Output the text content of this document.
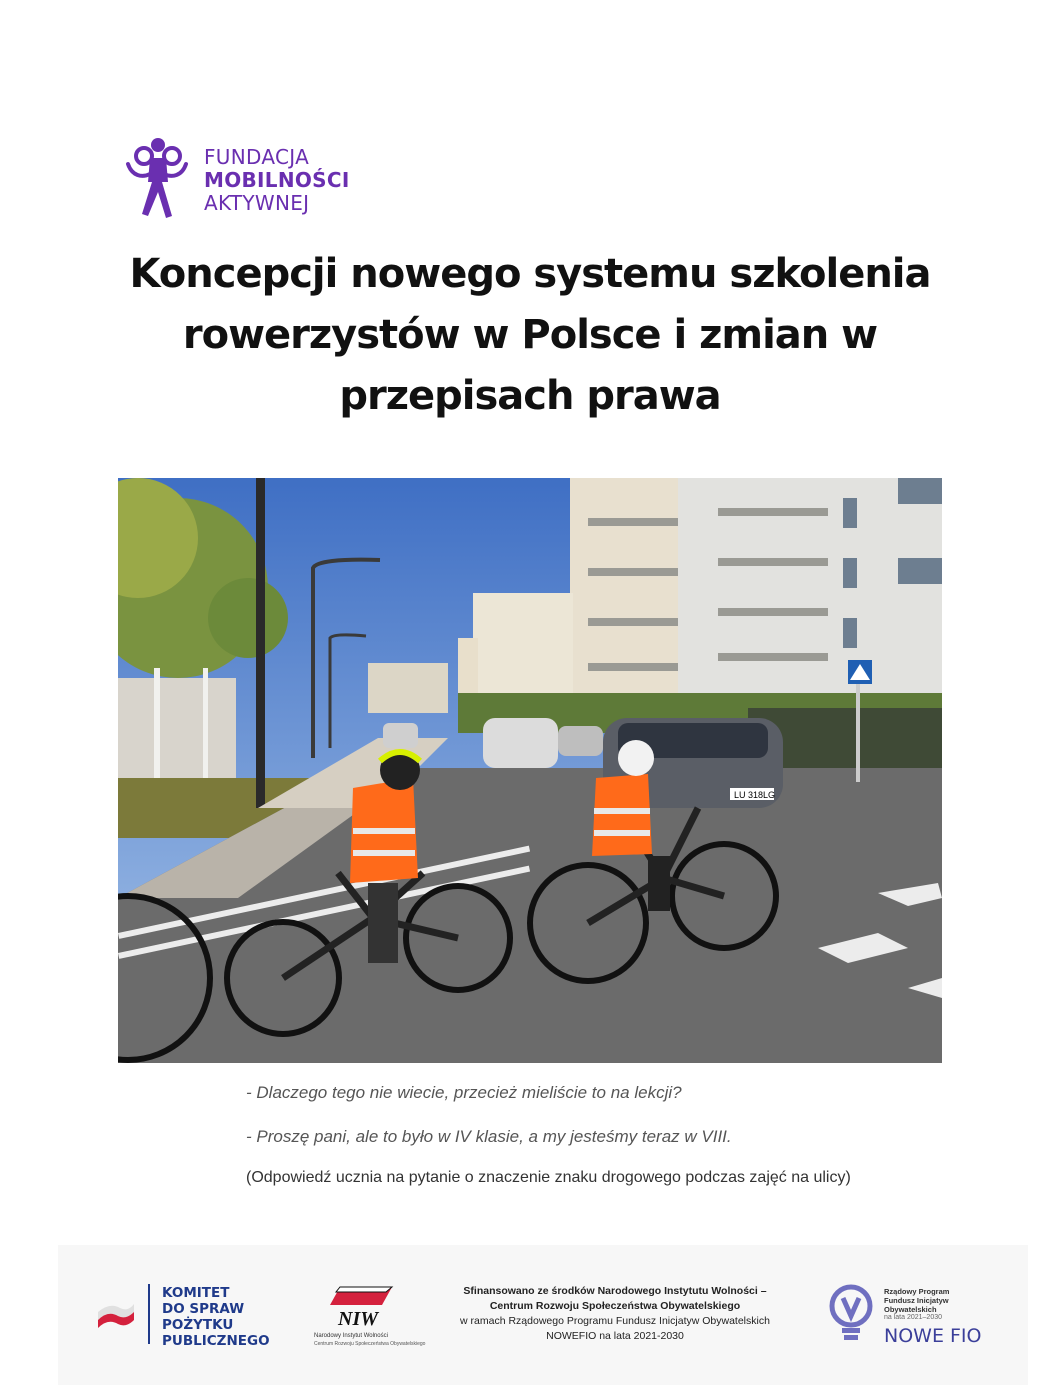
FUNDACJA
MOBILNOŚCI
AKTYWNEJ
Koncepcji nowego systemu szkolenia
rowerzystów w Polsce i zmian w
przepisach prawa
LU 318LG
- Dlaczego tego nie wiecie, przecież mieliście to na lekcji?
- Proszę pani, ale to było w IV klasie, a my jesteśmy teraz w VIII.
(Odpowiedź ucznia na pytanie o znaczenie znaku drogowego podczas zajęć na ulicy)
KOMITET
DO SPRAW
POŻYTKU
PUBLICZNEGO
NIW
Narodowy Instytut Wolności
Centrum Rozwoju Społeczeństwa Obywatelskiego
Sfinansowano ze środków Narodowego Instytutu Wolności –
Centrum Rozwoju Społeczeństwa Obywatelskiego
w ramach Rządowego Programu Fundusz Inicjatyw Obywatelskich
NOWEFIO na lata 2021-2030
Rządowy Program
Fundusz Inicjatyw
Obywatelskich
na lata 2021–2030
NOWE FIO
